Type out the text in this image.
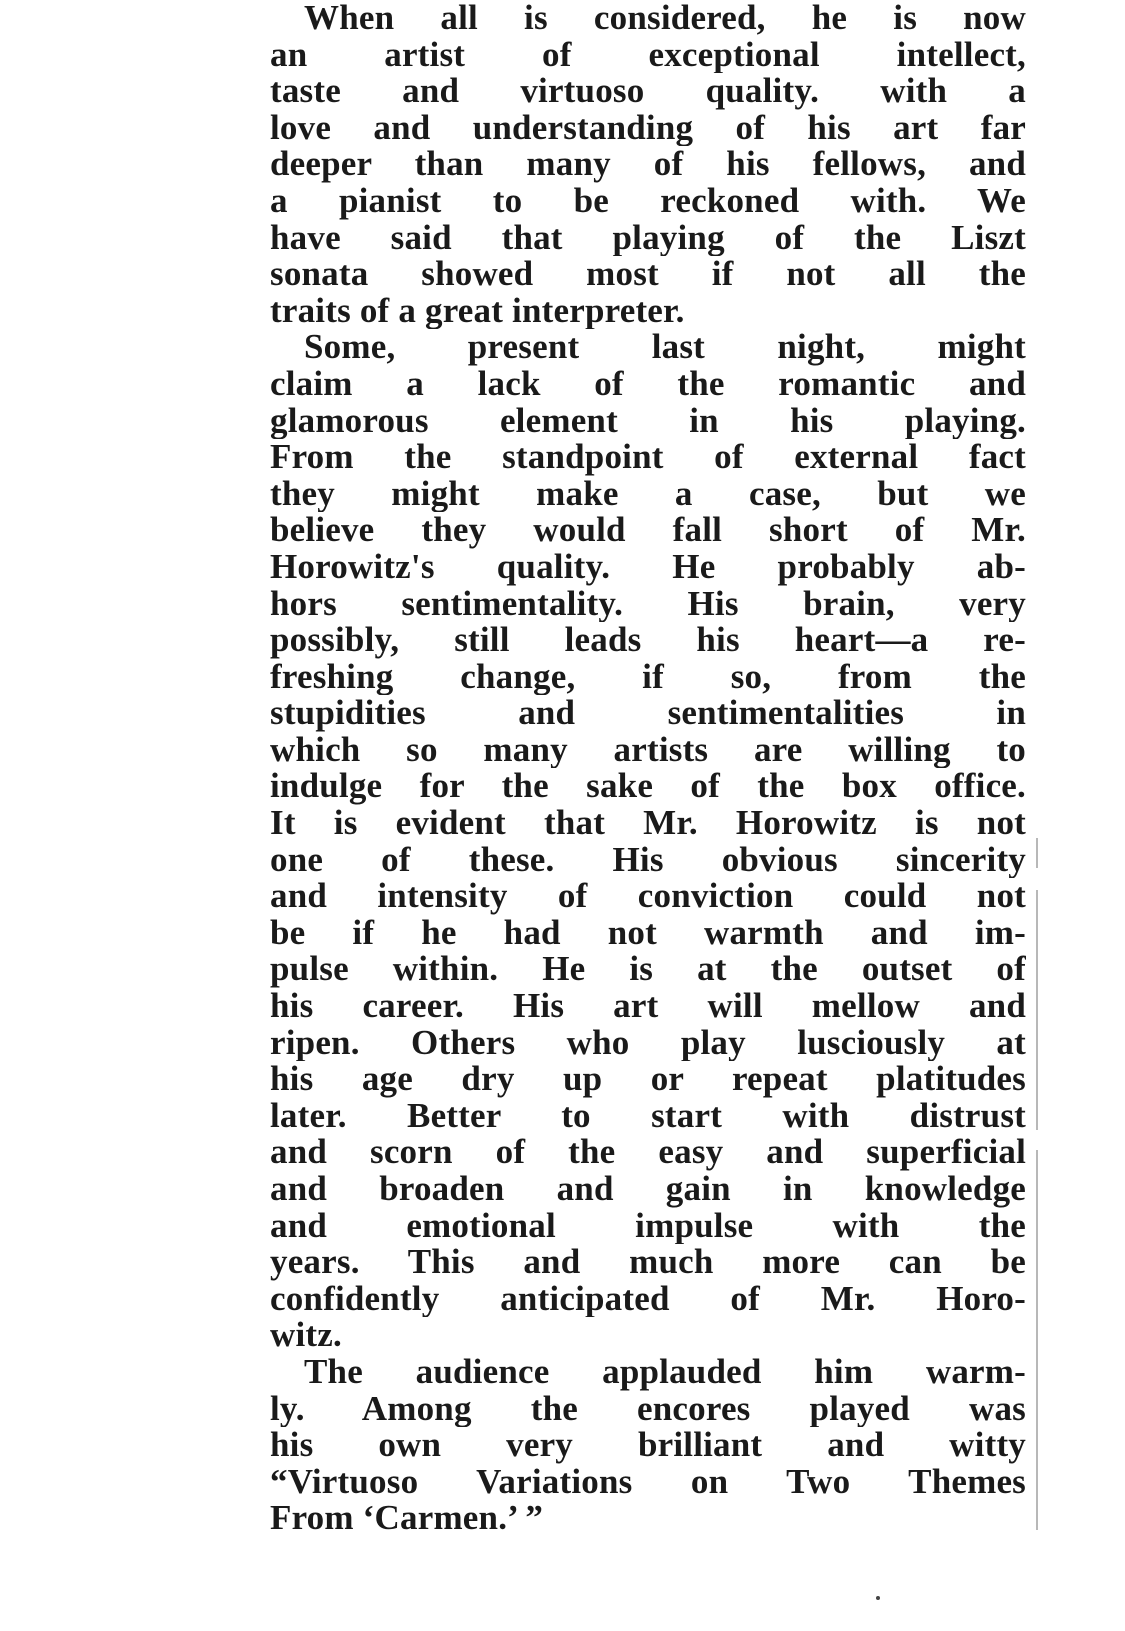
When all is considered, he is now
an artist of exceptional intellect,
taste and virtuoso quality. with a
love and understanding of his art far
deeper than many of his fellows, and
a pianist to be reckoned with. We
have said that playing of the Liszt
sonata showed most if not all the
traits of a great interpreter.
Some, present last night, might
claim a lack of the romantic and
glamorous element in his playing.
From the standpoint of external fact
they might make a case, but we
believe they would fall short of Mr.
Horowitz's quality. He probably ab-
hors sentimentality. His brain, very
possibly, still leads his heart—a re-
freshing change, if so, from the
stupidities and sentimentalities in
which so many artists are willing to
indulge for the sake of the box office.
It is evident that Mr. Horowitz is not
one of these. His obvious sincerity
and intensity of conviction could not
be if he had not warmth and im-
pulse within. He is at the outset of
his career. His art will mellow and
ripen. Others who play lusciously at
his age dry up or repeat platitudes
later. Better to start with distrust
and scorn of the easy and superficial
and broaden and gain in knowledge
and emotional impulse with the
years. This and much more can be
confidently anticipated of Mr. Horo-
witz.
The audience applauded him warm-
ly. Among the encores played was
his own very brilliant and witty
“Virtuoso Variations on Two Themes
From ‘Carmen.’ ”
